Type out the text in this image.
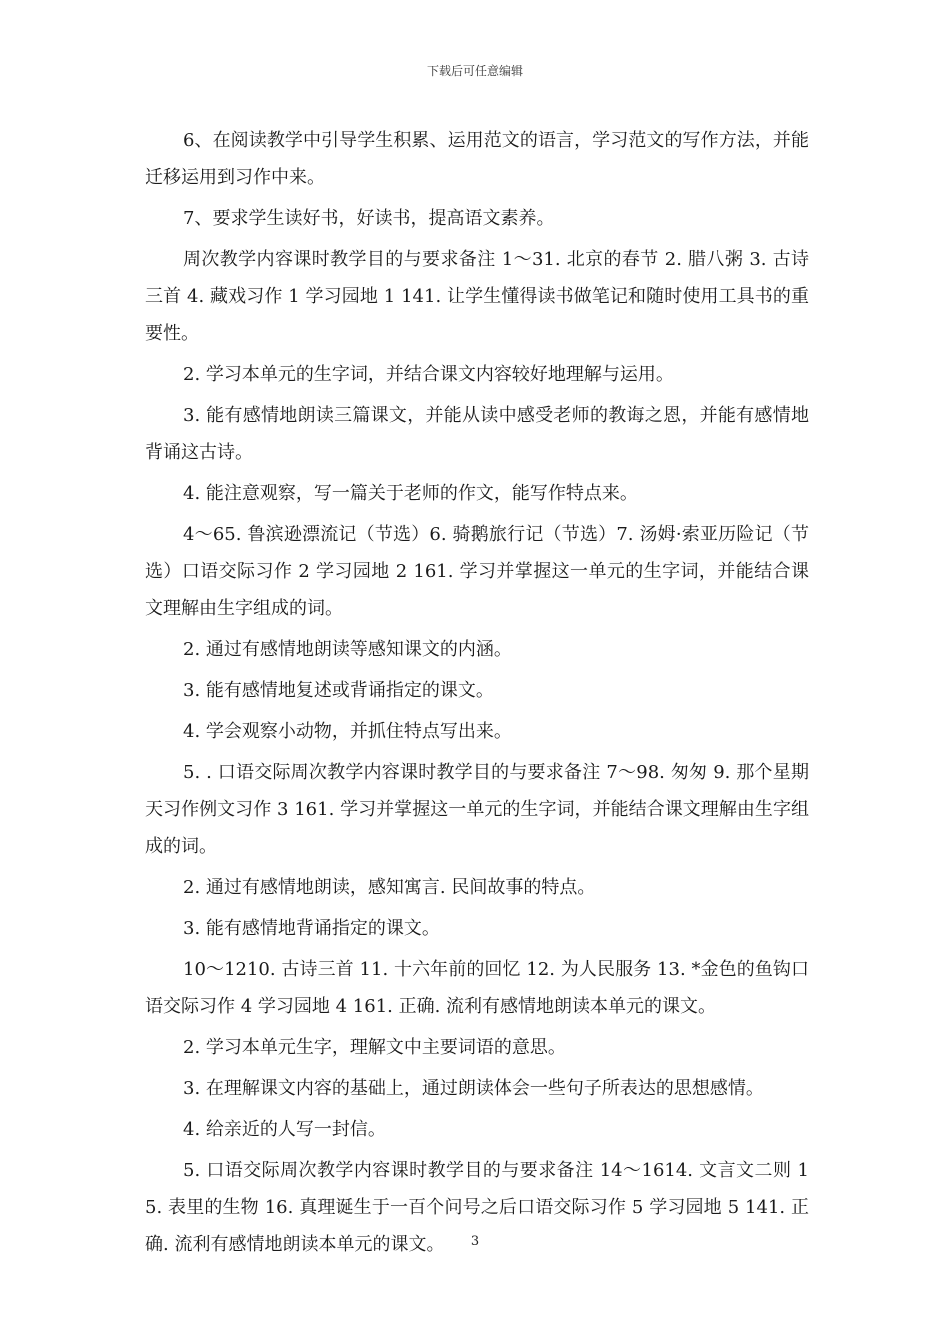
下载后可任意编辑

6、在阅读教学中引导学生积累、运用范文的语言，学习范文的写作方法，并能迁移运用到习作中来。

7、要求学生读好书，好读书，提高语文素养。

周次教学内容课时教学目的与要求备注 1～31. 北京的春节 2. 腊八粥 3. 古诗三首 4. 藏戏习作 1 学习园地 1 141. 让学生懂得读书做笔记和随时使用工具书的重要性。

2. 学习本单元的生字词，并结合课文内容较好地理解与运用。

3. 能有感情地朗读三篇课文，并能从读中感受老师的教诲之恩，并能有感情地背诵这古诗。

4. 能注意观察，写一篇关于老师的作文，能写作特点来。

4～65. 鲁滨逊漂流记（节选）6. 骑鹅旅行记（节选）7. 汤姆·索亚历险记（节选）口语交际习作 2 学习园地 2 161. 学习并掌握这一单元的生字词，并能结合课文理解由生字组成的词。

2. 通过有感情地朗读等感知课文的内涵。

3. 能有感情地复述或背诵指定的课文。

4. 学会观察小动物，并抓住特点写出来。

5. . 口语交际周次教学内容课时教学目的与要求备注 7～98. 匆匆 9. 那个星期天习作例文习作 3 161. 学习并掌握这一单元的生字词，并能结合课文理解由生字组成的词。

2. 通过有感情地朗读，感知寓言. 民间故事的特点。

3. 能有感情地背诵指定的课文。

10～1210. 古诗三首 11. 十六年前的回忆 12. 为人民服务 13. *金色的鱼钩口语交际习作 4 学习园地 4 161. 正确. 流利有感情地朗读本单元的课文。

2. 学习本单元生字，理解文中主要词语的意思。

3. 在理解课文内容的基础上，通过朗读体会一些句子所表达的思想感情。

4. 给亲近的人写一封信。

5. 口语交际周次教学内容课时教学目的与要求备注 14～1614. 文言文二则 15. 表里的生物 16. 真理诞生于一百个问号之后口语交际习作 5 学习园地 5 141. 正确. 流利有感情地朗读本单元的课文。	3
